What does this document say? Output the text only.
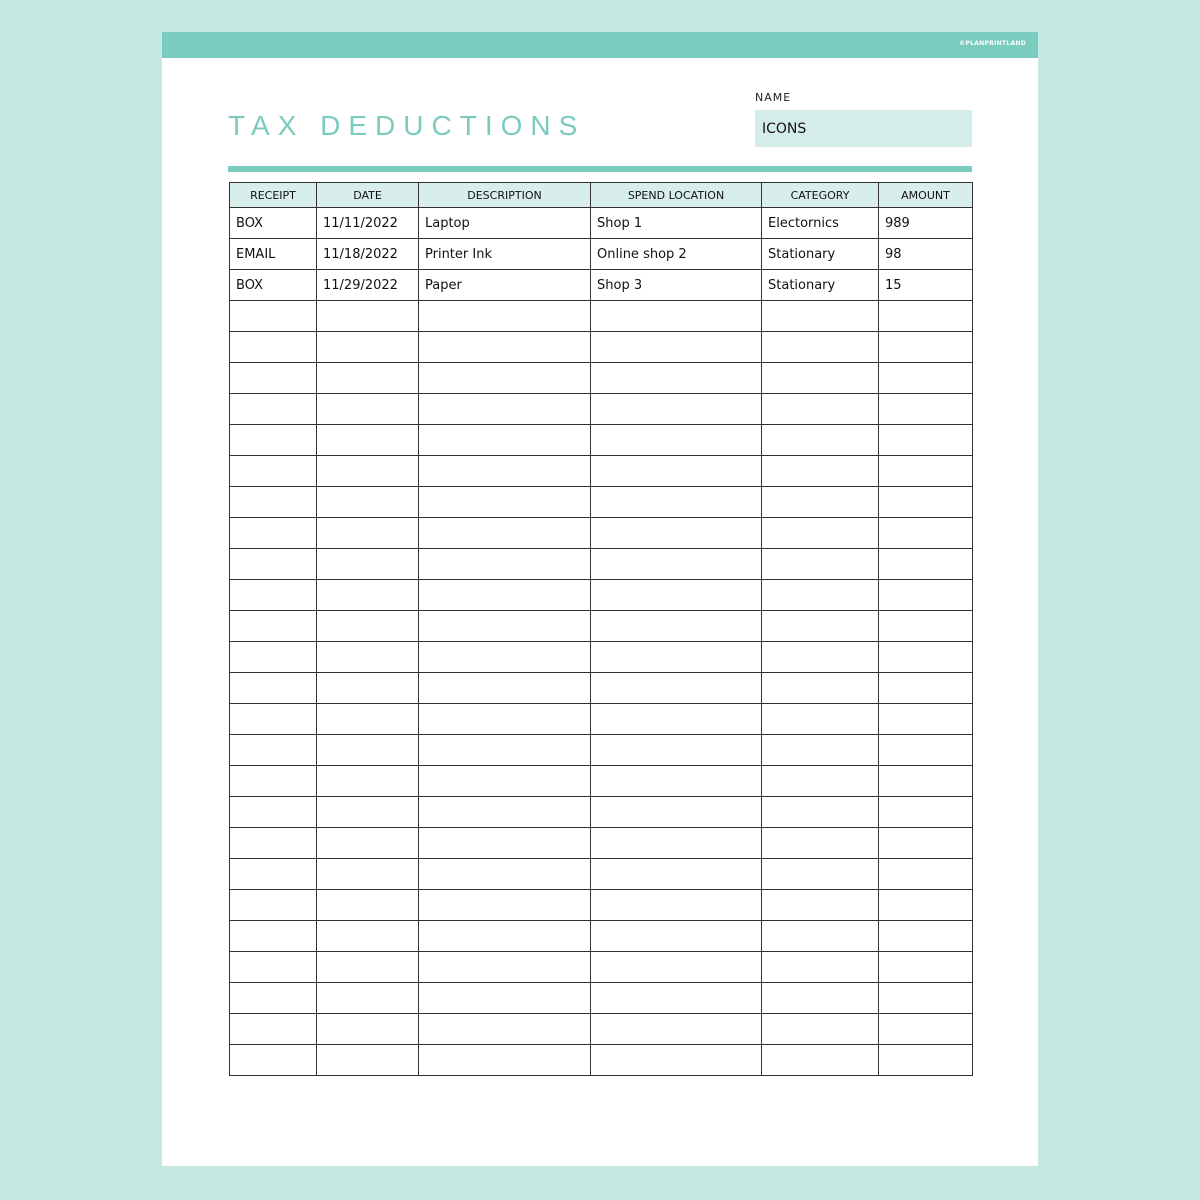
©PLANPRINTLAND
TAX DEDUCTIONS
NAME
ICONS
RECEIPT	DATE	DESCRIPTION	SPEND LOCATION	CATEGORY	AMOUNT
BOX	11/11/2022	Laptop	Shop 1	Electornics	989
EMAIL	11/18/2022	Printer Ink	Online shop 2	Stationary	98
BOX	11/29/2022	Paper	Shop 3	Stationary	15
